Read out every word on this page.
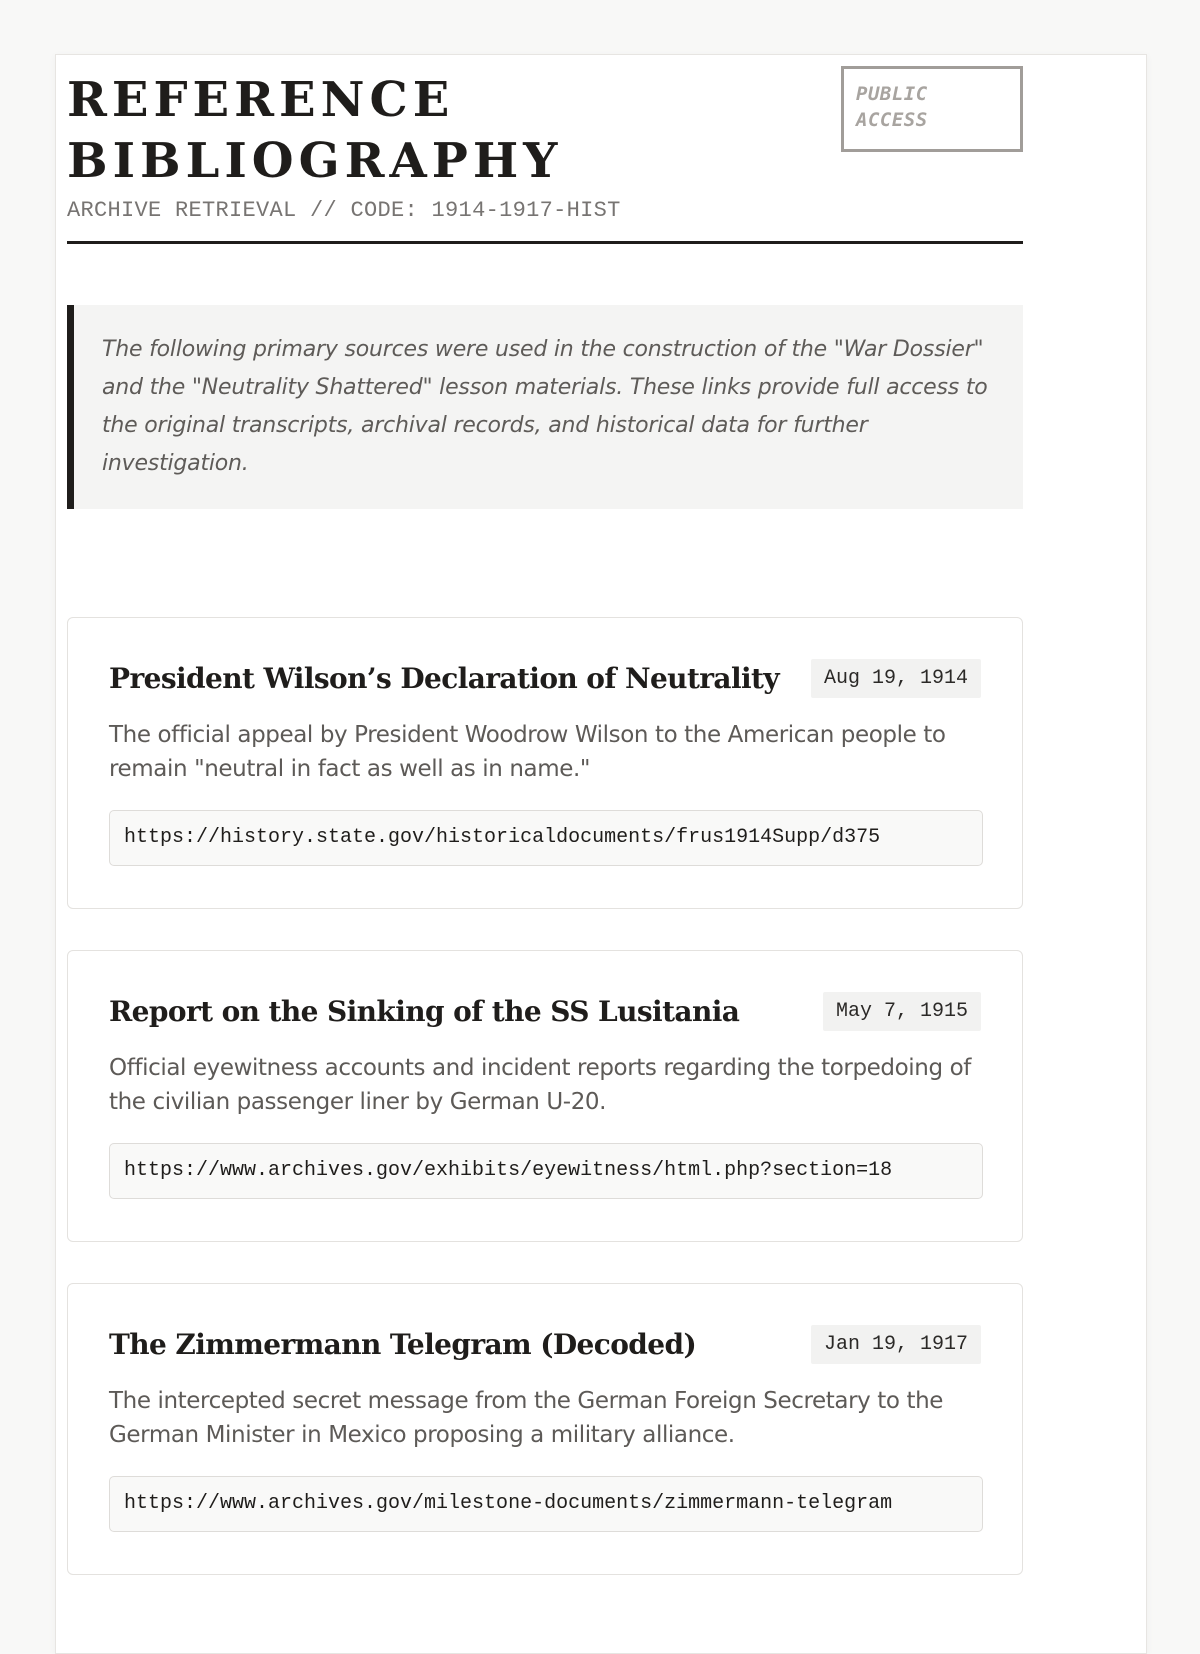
REFERENCE BIBLIOGRAPHY
ARCHIVE RETRIEVAL // CODE: 1914-1917-HIST
PUBLIC ACCESS
The following primary sources were used in the construction of the "War Dossier" and the "Neutrality Shattered" lesson materials. These links provide full access to the original transcripts, archival records, and historical data for further investigation.
President Wilson’s Declaration of Neutrality	Aug 19, 1914

The official appeal by President Woodrow Wilson to the American people to remain "neutral in fact as well as in name."

https://history.state.gov/historicaldocuments/frus1914Supp/d375
Report on the Sinking of the SS Lusitania	May 7, 1915

Official eyewitness accounts and incident reports regarding the torpedoing of the civilian passenger liner by German U-20.

https://www.archives.gov/exhibits/eyewitness/html.php?section=18
The Zimmermann Telegram (Decoded)	Jan 19, 1917

The intercepted secret message from the German Foreign Secretary to the German Minister in Mexico proposing a military alliance.

https://www.archives.gov/milestone-documents/zimmermann-telegram
